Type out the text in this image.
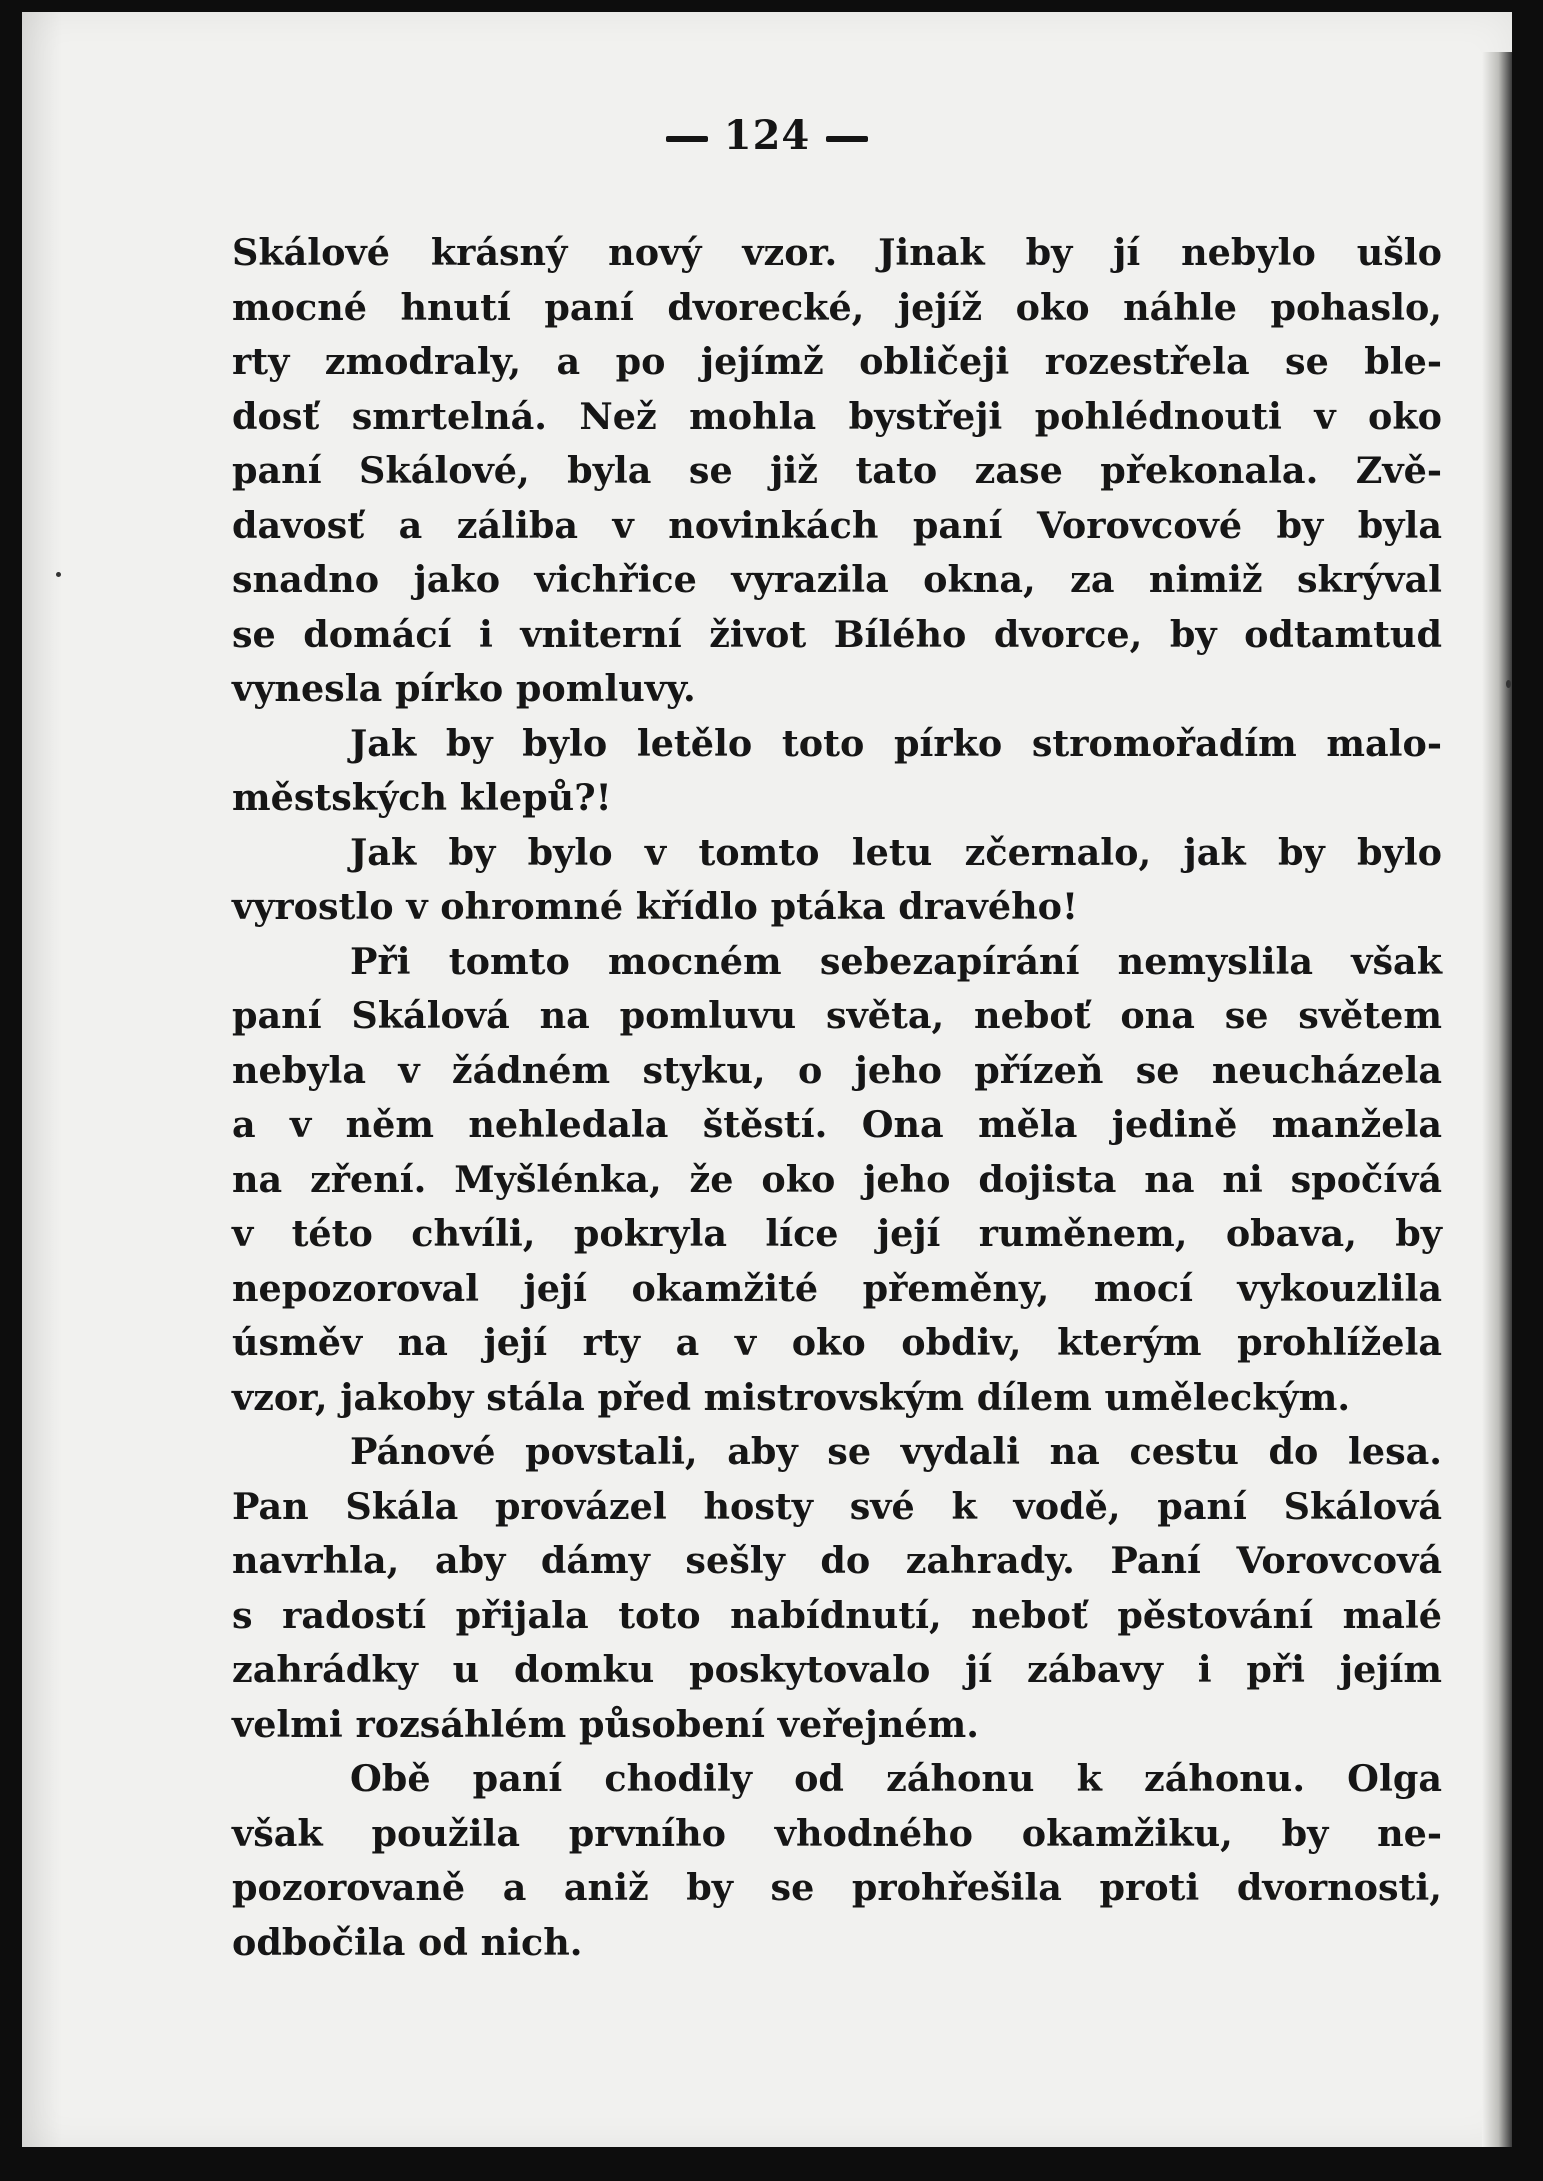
124
Skálové krásný nový vzor. Jinak by jí nebylo ušlo
mocné hnutí paní dvorecké, jejíž oko náhle pohaslo,
rty zmodraly, a po jejímž obličeji rozestřela se ble-
dosť smrtelná. Než mohla bystřeji pohlédnouti v oko
paní Skálové, byla se již tato zase překonala. Zvě-
davosť a záliba v novinkách paní Vorovcové by byla
snadno jako vichřice vyrazila okna, za nimiž skrýval
se domácí i vniterní život Bílého dvorce, by odtamtud
vynesla pírko pomluvy.
Jak by bylo letělo toto pírko stromořadím malo-
městských klepů?!
Jak by bylo v tomto letu zčernalo, jak by bylo
vyrostlo v ohromné křídlo ptáka dravého!
Při tomto mocném sebezapírání nemyslila však
paní Skálová na pomluvu světa, neboť ona se světem
nebyla v žádném styku, o jeho přízeň se neucházela
a v něm nehledala štěstí. Ona měla jedině manžela
na zření. Myšlénka, že oko jeho dojista na ni spočívá
v této chvíli, pokryla líce její ruměnem, obava, by
nepozoroval její okamžité přeměny, mocí vykouzlila
úsměv na její rty a v oko obdiv, kterým prohlížela
vzor, jakoby stála před mistrovským dílem uměleckým.
Pánové povstali, aby se vydali na cestu do lesa.
Pan Skála provázel hosty své k vodě, paní Skálová
navrhla, aby dámy sešly do zahrady. Paní Vorovcová
s radostí přijala toto nabídnutí, neboť pěstování malé
zahrádky u domku poskytovalo jí zábavy i při jejím
velmi rozsáhlém působení veřejném.
Obě paní chodily od záhonu k záhonu. Olga
však použila prvního vhodného okamžiku, by ne-
pozorovaně a aniž by se prohřešila proti dvornosti,
odbočila od nich.
